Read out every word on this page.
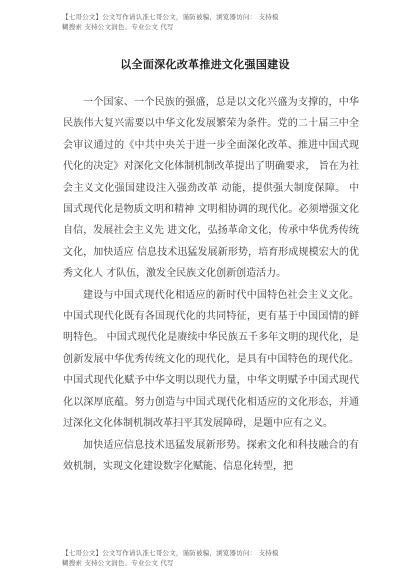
【七哥公文】公文写作请认准七哥公文，谨防被骗，浏览器访问： 支持模
糊搜索 支持公文润色、专业公文 代写
以全面深化改革推进文化强国建设

一个国家、一个民族的强盛，总是以文化兴盛为支撑的，中华民族伟大复兴需要以中华文化发展繁荣为条件。党的二十届三中全会审议通过的《中共中央关于进一步全面深化改革、推进中国式现代化的决定》对深化文化体制机制改革提出了明确要求， 旨在为社会主义文化强国建设注入强劲改革 动能，提供强大制度保障。 中国式现代化是物质文明和精神 文明相协调的现代化。必须增强文化自信，发展社会主义先 进文化，弘扬革命文化，传承中华优秀传统文化，加快适应 信息技术迅猛发展新形势，培育形成规模宏大的优秀文化人 才队伍，激发全民族文化创新创造活力。

建设与中国式现代化相适应的新时代中国特色社会主义文化。 中国式现代化既有各国现代化的共同特征，更有基于中国国情的鲜明特色。 中国式现代化是赓续中华民族五千多年文明的现代化，是创新发展中华优秀传统文化的现代化，是具有中国特色的现代化。中国式现代化赋予中华文明以现代力量，中华文明赋予中国式现代化以深厚底蕴。努力创造与中国式现代化相适应的文化形态，并通过深化文化体制机制改革扫平其发展障碍，是题中应有之义。

加快适应信息技术迅猛发展新形势。探索文化和科技融合的有效机制，实现文化建设数字化赋能、信息化转型，把

【七哥公文】公文写作请认准七哥公文，谨防被骗，浏览器访问： 支持模
糊搜索 支持公文润色、专业公文 代写
